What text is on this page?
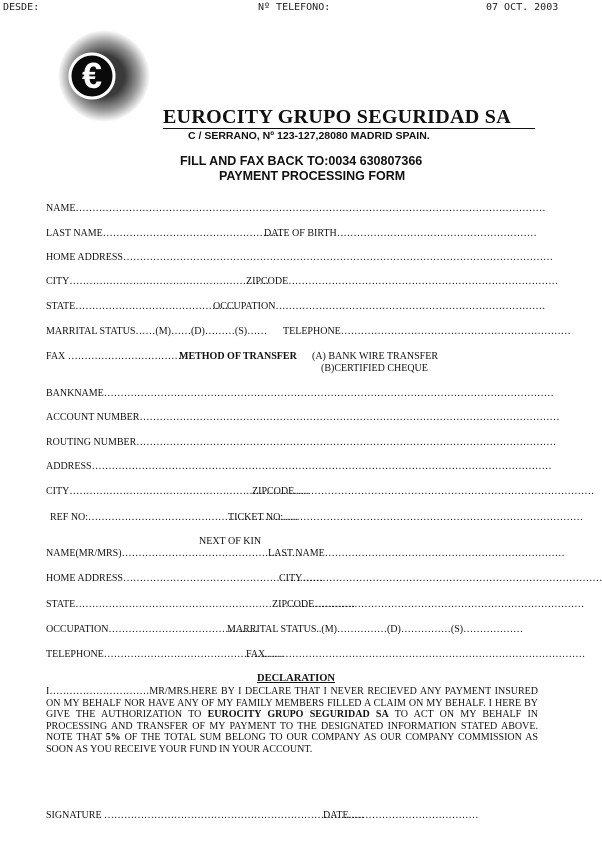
DESDE:	Nº TELEFONO:	07 OCT. 2003
€
EUROCITY GRUPO SEGURIDAD SA
C / SERRANO, Nº 123-127,28080 MADRID SPAIN.
FILL AND FAX BACK TO:0034 630807366
PAYMENT PROCESSING FORM
NAME……………………………………………………………………………………………………………………………
LAST NAME………………………………………………
DATE OF BIRTH……………………………………………………
HOME ADDRESS…………………………………………………………………………………………………………………
CITY……………………………………………………
ZIPCODE………………………………………………………………………
STATE…………………………………………
OCCUPATION………………………………………………………………………
MARRITAL STATUS……(M)……(D)………(S)…… TELEPHONE……………………………………………………………
FAX ………………………………
METHOD OF TRANSFER (A) BANK WIRE TRANSFER
(B)CERTIFIED CHEQUE
BANKNAME………………………………………………………………………………………………………………………
ACCOUNT NUMBER………………………………………………………………………………………………………………
ROUTING NUMBER………………………………………………………………………………………………………………
ADDRESS…………………………………………………………………………………………………………………………
CITY………………………………………………………………
ZIPCODE………………………………………………………………………………
REF NO:………………………………………………………
TICKET NO:………………………………………………………………………………
NEXT OF KIN
NAME(MR/MRS)………………………………………………
LAST NAME………………………………………………………………
HOME ADDRESS……………………………………………………
CITY………………………………………………………………………………
STATE…………………………………………………………………………
ZIPCODE………………………………………………………………………
OCCUPATION………………………………………
MARRITAL STATUS..(M)……………(D)……………(S)………………
TELEPHONE………………………………………………
FAX……………………………………………………………………………………
DECLARATION

I…………………………MR/MRS.HERE BY I DECLARE THAT I NEVER RECIEVED ANY PAYMENT INSURED ON MY BEHALF NOR HAVE ANY OF MY FAMILY MEMBERS FILLED A CLAIM ON MY BEHALF. I HERE BY GIVE THE AUTHORIZATION TO EUROCITY GRUPO SEGURIDAD SA TO ACT ON MY BEHALF IN PROCESSING AND TRANSFER OF MY PAYMENT TO THE DESIGNATED INFORMATION STATED ABOVE. NOTE THAT 5% OF THE TOTAL SUM BELONG TO OUR COMPANY AS OUR COMPANY COMMISSION AS SOON AS YOU RECEIVE YOUR FUND IN YOUR ACCOUNT.

SIGNATURE ……………………………………………………………………
DATE…………………………………
